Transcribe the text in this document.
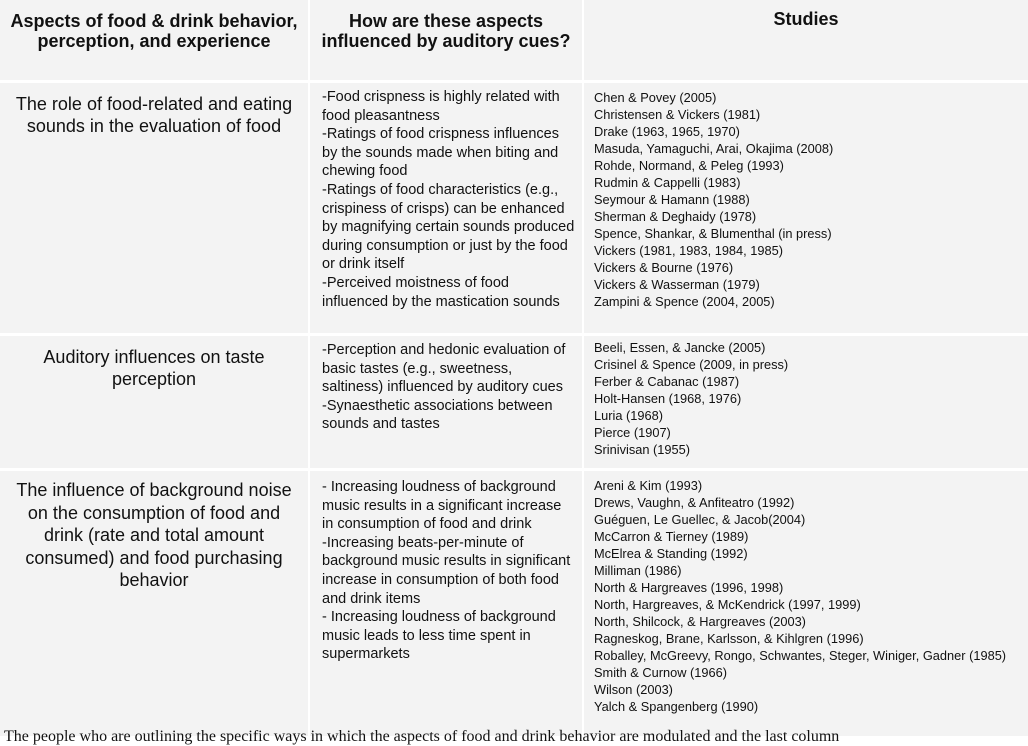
Aspects of food & drink behavior, perception, and experience
How are these aspects influenced by auditory cues?
Studies
The role of food-related and eating sounds in the evaluation of food
-Food crispness is highly related with food pleasantness
-Ratings of food crispness influences by the sounds made when biting and chewing food
-Ratings of food characteristics (e.g., crispiness of crisps) can be enhanced by magnifying certain sounds produced during consumption or just by the food or drink itself
-Perceived moistness of food influenced by the mastication sounds
Chen & Povey (2005)
Christensen & Vickers (1981)
Drake (1963, 1965, 1970)
Masuda, Yamaguchi, Arai, Okajima (2008)
Rohde, Normand, & Peleg (1993)
Rudmin & Cappelli (1983)
Seymour & Hamann (1988)
Sherman & Deghaidy (1978)
Spence, Shankar, & Blumenthal (in press)
Vickers (1981, 1983, 1984, 1985)
Vickers & Bourne (1976)
Vickers & Wasserman (1979)
Zampini & Spence (2004, 2005)
Auditory influences on taste perception
-Perception and hedonic evaluation of basic tastes (e.g., sweetness, saltiness) influenced by auditory cues
-Synaesthetic associations between sounds and tastes
Beeli, Essen, & Jancke (2005)
Crisinel & Spence (2009, in press)
Ferber & Cabanac (1987)
Holt-Hansen (1968, 1976)
Luria (1968)
Pierce (1907)
Srinivisan (1955)
The influence of background noise on the consumption of food and drink (rate and total amount consumed) and food purchasing behavior
- Increasing loudness of background music results in a significant increase in consumption of food and drink
-Increasing beats-per-minute of background music results in significant increase in consumption of both food and drink items
- Increasing loudness of background music leads to less time spent in supermarkets
Areni & Kim (1993)
Drews, Vaughn, & Anfiteatro (1992)
Guéguen, Le Guellec, & Jacob(2004)
McCarron & Tierney (1989)
McElrea & Standing (1992)
Milliman (1986)
North & Hargreaves (1996, 1998)
North, Hargreaves, & McKendrick (1997, 1999)
North, Shilcock, & Hargreaves (2003)
Ragneskog, Brane, Karlsson, & Kihlgren (1996)
Roballey, McGreevy, Rongo, Schwantes, Steger, Winiger, Gadner (1985)
Smith & Curnow (1966)
Wilson (2003)
Yalch & Spangenberg (1990)
The people who are outlining the specific ways in which the aspects of food and drink behavior are modulated and the last column
